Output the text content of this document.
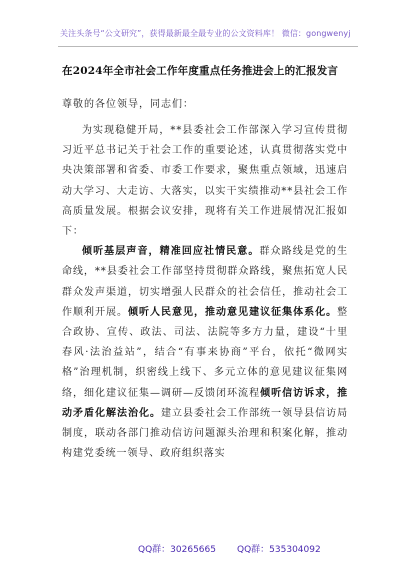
关注头条号“公文研究”，获得最新最全最专业的公文资料库！ 微信：gongwenyj
在2024年全市社会工作年度重点任务推进会上的汇报发言
尊敬的各位领导，同志们：

为实现稳健开局，**县委社会工作部深入学习宣传贯彻习近平总书记关于社会工作的重要论述，认真贯彻落实党中央决策部署和省委、市委工作要求，聚焦重点领域，迅速启动大学习、大走访、大落实，以实干实绩推动**县社会工作高质量发展。根据会议安排，现将有关工作进展情况汇报如下：

倾听基层声音，精准回应社情民意。群众路线是党的生命线，**县委社会工作部坚持贯彻群众路线，聚焦拓宽人民群众发声渠道，切实增强人民群众的社会信任，推动社会工作顺利开展。倾听人民意见，推动意见建议征集体系化。整合政协、宣传、政法、司法、法院等多方力量，建设“十里春风·法治益站”，结合“有事来协商”平台，依托“微网实格”治理机制，织密线上线下、多元立体的意见建议征集网络，细化建议征集—调研—反馈闭环流程倾听信访诉求，推动矛盾化解法治化。建立县委社会工作部统一领导县信访局制度，联动各部门推动信访问题源头治理和积案化解，推动构建党委统一领导、政府组织落实

QQ群：30265665 QQ群：535304092
